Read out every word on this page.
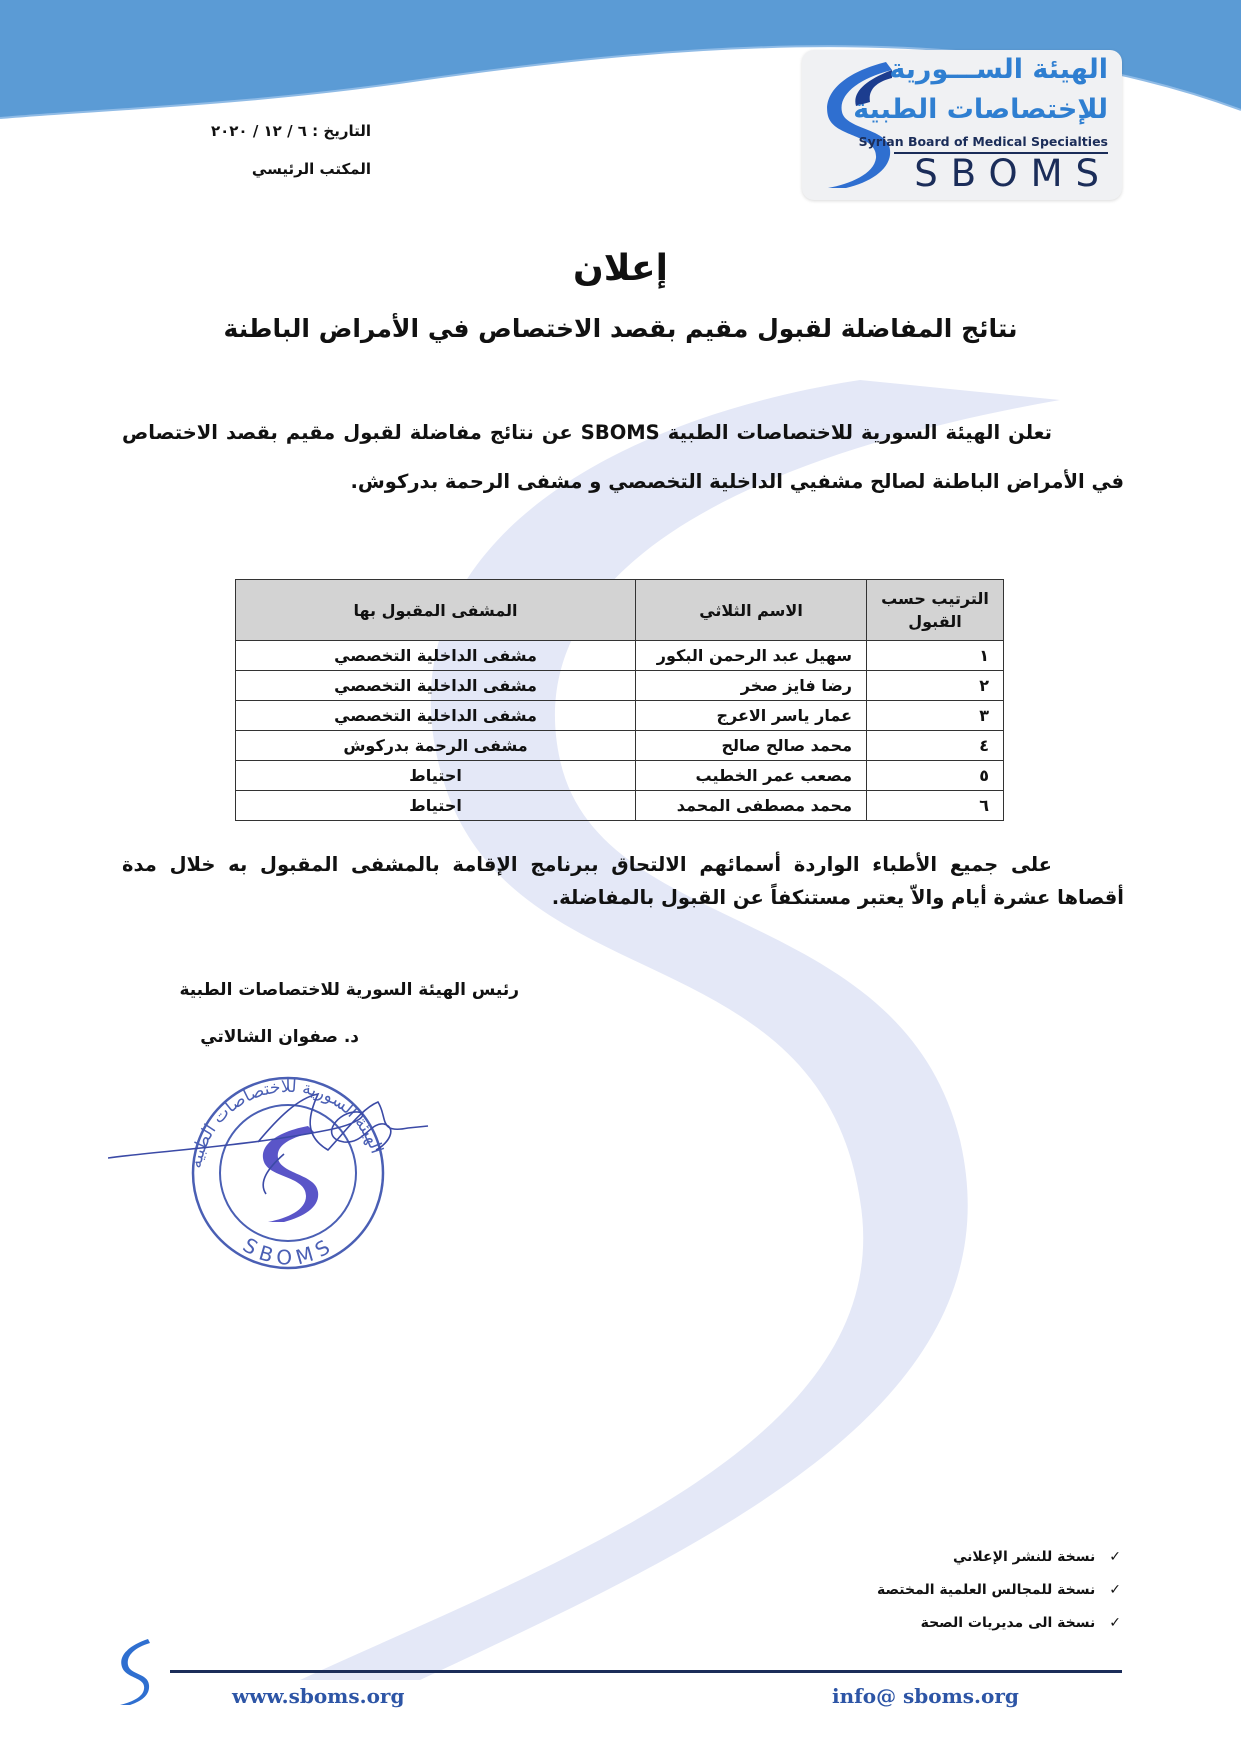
الهيئة الســـورية
للإختصاصات الطبية
Syrian Board of Medical Specialties
SBOMS
التاريخ : ٦ / ١٢ / ٢٠٢٠
المكتب الرئيسي
إعلان
نتائج المفاضلة لقبول مقيم بقصد الاختصاص في الأمراض الباطنة
تعلن الهيئة السورية للاختصاصات الطبية SBOMS عن نتائج مفاضلة لقبول مقيم بقصد الاختصاص في الأمراض الباطنة لصالح مشفيي الداخلية التخصصي و مشفى الرحمة بدركوش.
الترتيب حسب القبول	الاسم الثلاثي	المشفى المقبول بها
١	سهيل عبد الرحمن البكور	مشفى الداخلية التخصصي
٢	رضا فايز صخر	مشفى الداخلية التخصصي
٣	عمار ياسر الاعرج	مشفى الداخلية التخصصي
٤	محمد صالح صالح	مشفى الرحمة بدركوش
٥	مصعب عمر الخطيب	احتياط
٦	محمد مصطفى المحمد	احتياط
على جميع الأطباء الواردة أسمائهم الالتحاق ببرنامج الإقامة بالمشفى المقبول به خلال مدة أقصاها عشرة أيام والاّ يعتبر مستنكفاً عن القبول بالمفاضلة.
رئيس الهيئة السورية للاختصاصات الطبية
د. صفوان الشالاتي
الهيئة السورية للاختصاصات الطبية
SBOMS
✓نسخة للنشر الإعلاني
✓نسخة للمجالس العلمية المختصة
✓نسخة الى مديريات الصحة
www.sboms.org	info@ sboms.org
